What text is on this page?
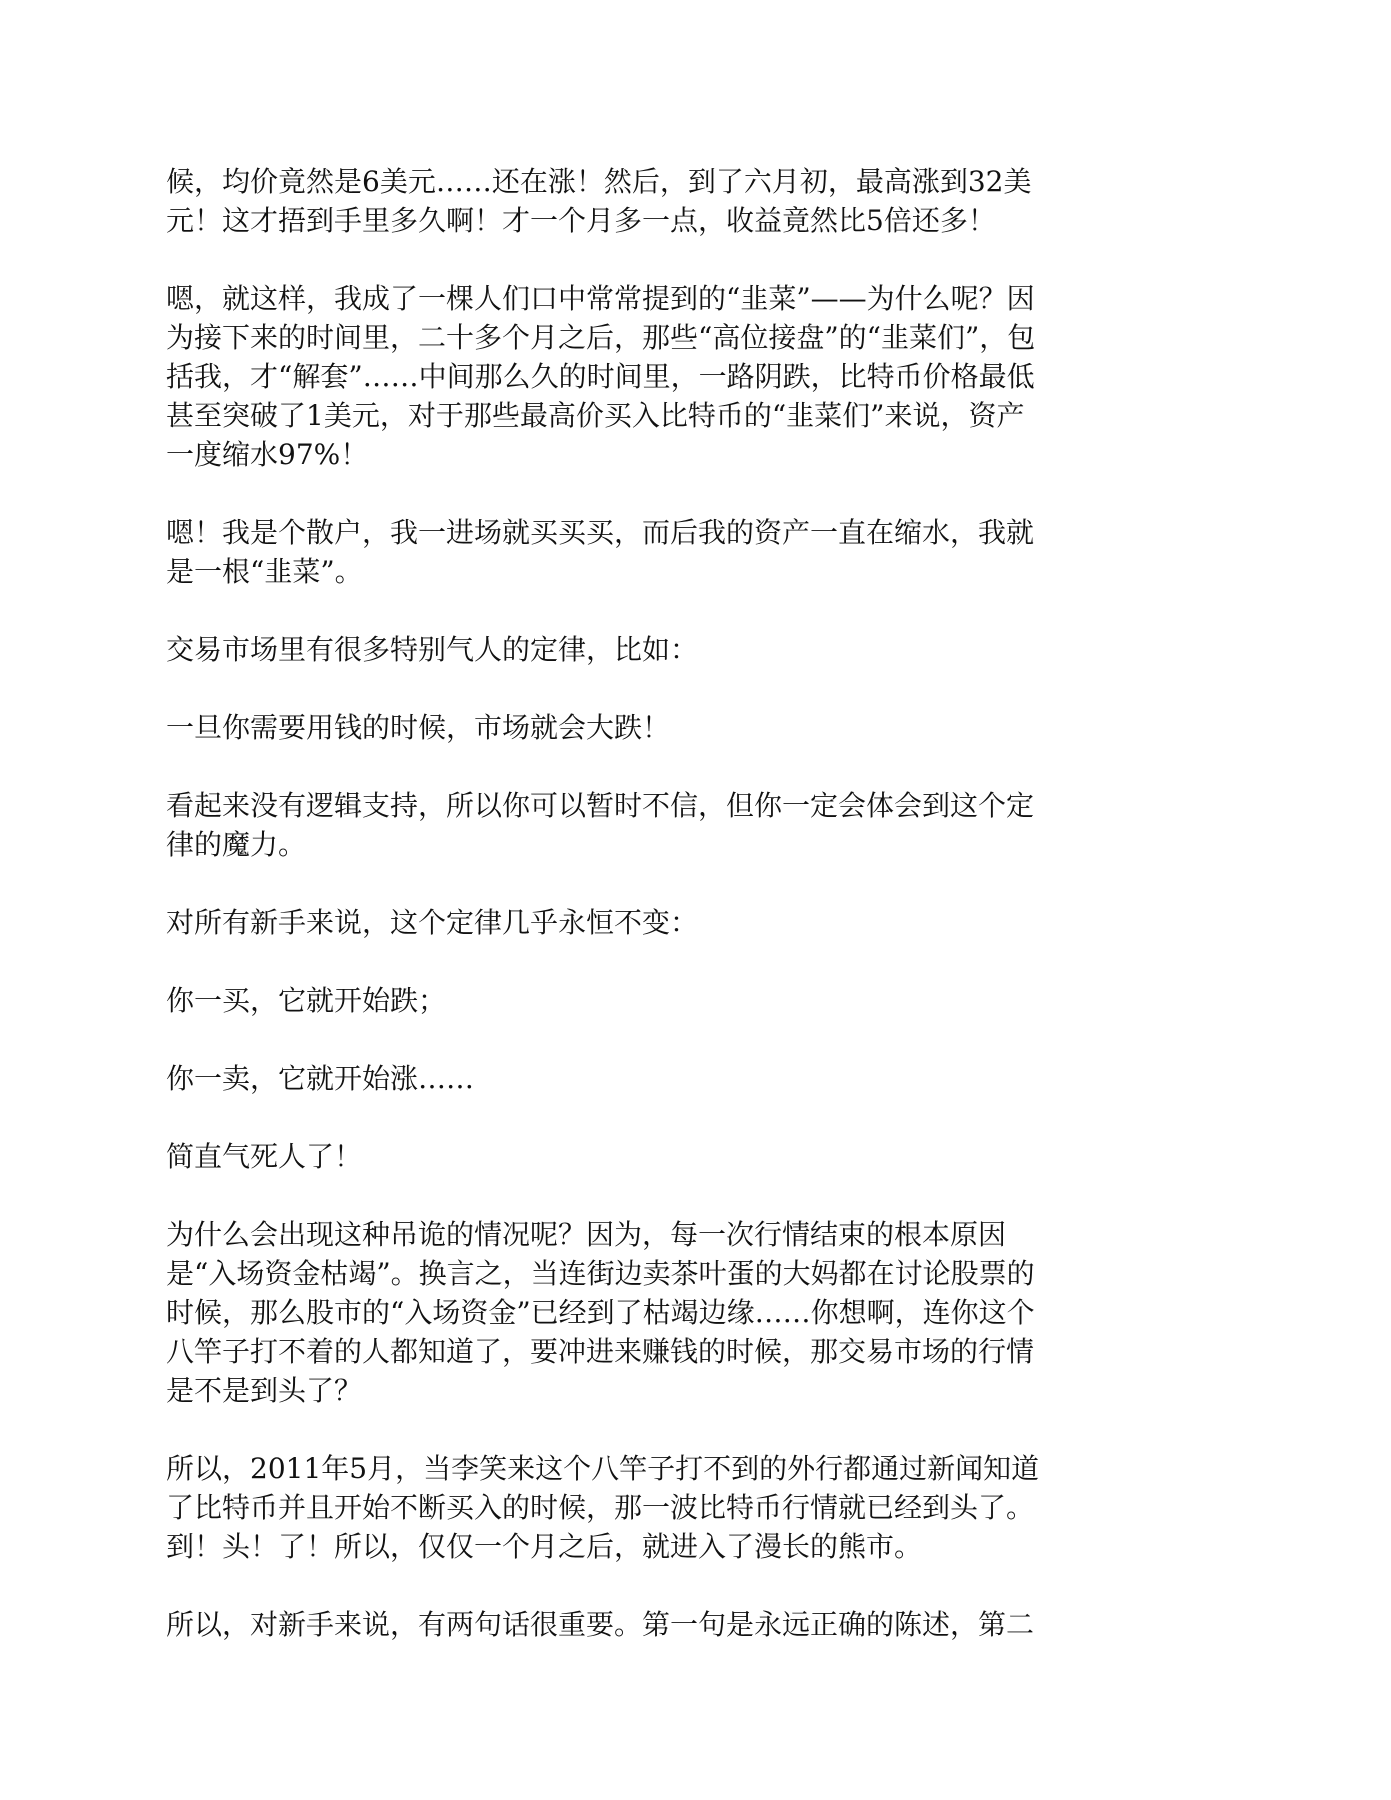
候，均价竟然是6美元……还在涨！然后，到了六月初，最高涨到32美
元！这才捂到手里多久啊！才一个月多一点，收益竟然比5倍还多！

嗯，就这样，我成了一棵人们口中常常提到的“韭菜”——为什么呢？因
为接下来的时间里，二十多个月之后，那些“高位接盘”的“韭菜们”，包
括我，才“解套”……中间那么久的时间里，一路阴跌，比特币价格最低
甚至突破了1美元，对于那些最高价买入比特币的“韭菜们”来说，资产
一度缩水97%！

嗯！我是个散户，我一进场就买买买，而后我的资产一直在缩水，我就
是一根“韭菜”。

交易市场里有很多特别气人的定律，比如：

一旦你需要用钱的时候，市场就会大跌！

看起来没有逻辑支持，所以你可以暂时不信，但你一定会体会到这个定
律的魔力。

对所有新手来说，这个定律几乎永恒不变：

你一买，它就开始跌；

你一卖，它就开始涨……

简直气死人了！

为什么会出现这种吊诡的情况呢？因为，每一次行情结束的根本原因
是“入场资金枯竭”。换言之，当连街边卖茶叶蛋的大妈都在讨论股票的
时候，那么股市的“入场资金”已经到了枯竭边缘……你想啊，连你这个
八竿子打不着的人都知道了，要冲进来赚钱的时候，那交易市场的行情
是不是到头了？

所以，2011年5月，当李笑来这个八竿子打不到的外行都通过新闻知道
了比特币并且开始不断买入的时候，那一波比特币行情就已经到头了。
到！头！了！所以，仅仅一个月之后，就进入了漫长的熊市。

所以，对新手来说，有两句话很重要。第一句是永远正确的陈述，第二
